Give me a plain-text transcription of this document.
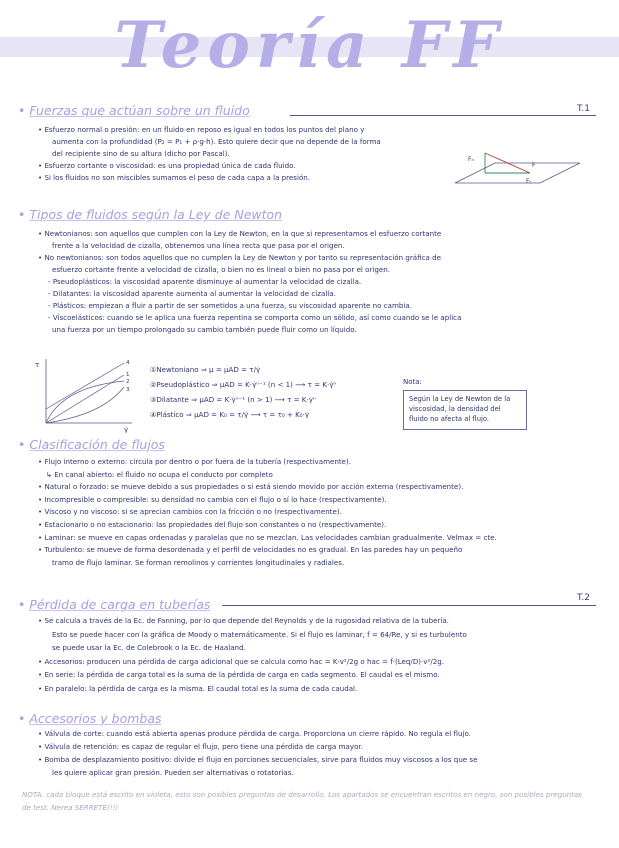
Teoría FF
• Fuerzas que actúan sobre un fluido	T.1
• Esfuerzo normal o presión: en un fluido en reposo es igual en todos los puntos del plano y
aumenta con la profundidad (P₂ = P₁ + ρ·g·h). Esto quiere decir que no depende de la forma
del recipiente sino de su altura (dicho por Pascal).
• Esfuerzo cortante o viscosidad: es una propiedad única de cada fluido.
• Si los fluidos no son miscibles sumamos el peso de cada capa a la presión.
Fₙ
F
Fₜ
• Tipos de fluidos según la Ley de Newton
• Newtonianos: son aquellos que cumplen con la Ley de Newton, en la que si representamos el esfuerzo cortante
frente a la velocidad de cizalla, obtenemos una línea recta que pasa por el origen.
• No newtonianos: son todos aquellos que no cumplen la Ley de Newton y por tanto su representación gráfica de
esfuerzo cortante frente a velocidad de cizalla, o bien no es lineal o bien no pasa por el origen.
- Pseudoplásticos: la viscosidad aparente disminuye al aumentar la velocidad de cizalla.
- Dilatantes: la viscosidad aparente aumenta al aumentar la velocidad de cizalla.
- Plásticos: empiezan a fluir a partir de ser sometidos a una fuerza, su viscosidad aparente no cambia.
- Viscoelásticos: cuando se le aplica una fuerza repentina se comporta como un sólido, así como cuando se le aplica
una fuerza por un tiempo prolongado su cambio también puede fluir como un líquido.
τ
γ̇
4
1
2
3
①Newtoniano ⇒ μ = μAD = τ/γ̇
②Pseudoplástico ⇒ μAD = K·γ̇ⁿ⁻¹ (n < 1) ⟶ τ = K·γ̇ⁿ
③Dilatante ⇒ μAD = K·γ̇ⁿ⁻¹ (n > 1) ⟶ τ = K·γ̇ⁿ
④Plástico ⇒ μAD = K₀ = τ/γ̇ ⟶ τ = τ₀ + K₀·γ̇
Nota:
Según la Ley de Newton de la viscosidad, la densidad del fluido no afecta al flujo.
• Clasificación de flujos
• Flujo interno o externo: circula por dentro o por fuera de la tubería (respectivamente).
↳ En canal abierto: el fluido no ocupa el conducto por completo
• Natural o forzado: se mueve debido a sus propiedades o si está siendo movido por acción externa (respectivamente).
• Incompresible o compresible: su densidad no cambia con el flujo o sí lo hace (respectivamente).
• Viscoso y no viscoso: si se aprecian cambios con la fricción o no (respectivamente).
• Estacionario o no estacionario: las propiedades del flujo son constantes o no (respectivamente).
• Laminar: se mueve en capas ordenadas y paralelas que no se mezclan. Las velocidades cambian gradualmente. Velmax = cte.
• Turbulento: se mueve de forma desordenada y el perfil de velocidades no es gradual. En las paredes hay un pequeño
tramo de flujo laminar. Se forman remolinos y corrientes longitudinales y radiales.
• Pérdida de carga en tuberías	T.2
• Se calcula a través de la Ec. de Fanning, por lo que depende del Reynolds y de la rugosidad relativa de la tubería.
Esto se puede hacer con la gráfica de Moody o matemáticamente. Si el flujo es laminar, f = 64/Re, y si es turbulento
se puede usar la Ec. de Colebrook o la Ec. de Haaland.
• Accesorios: producen una pérdida de carga adicional que se calcula como hac = K·v²/2g o hac = f·(Leq/D)·v²/2g.
• En serie: la pérdida de carga total es la suma de la pérdida de carga en cada segmento. El caudal es el mismo.
• En paralelo: la pérdida de carga es la misma. El caudal total es la suma de cada caudal.
• Accesorios y bombas
• Válvula de corte: cuando está abierta apenas produce pérdida de carga. Proporciona un cierre rápido. No regula el flujo.
• Válvula de retención: es capaz de regular el flujo, pero tiene una pérdida de carga mayor.
• Bomba de desplazamiento positivo: divide el flujo en porciones secuenciales, sirve para fluidos muy viscosos a los que se
les quiere aplicar gran presión. Pueden ser alternativas o rotatorias.
NOTA: cada bloque está escrito en violeta, esto son posibles preguntas de desarrollo. Los apartados se encuentran escritos en negro, son posibles preguntas de test. Nerea SERRETE(!!)
